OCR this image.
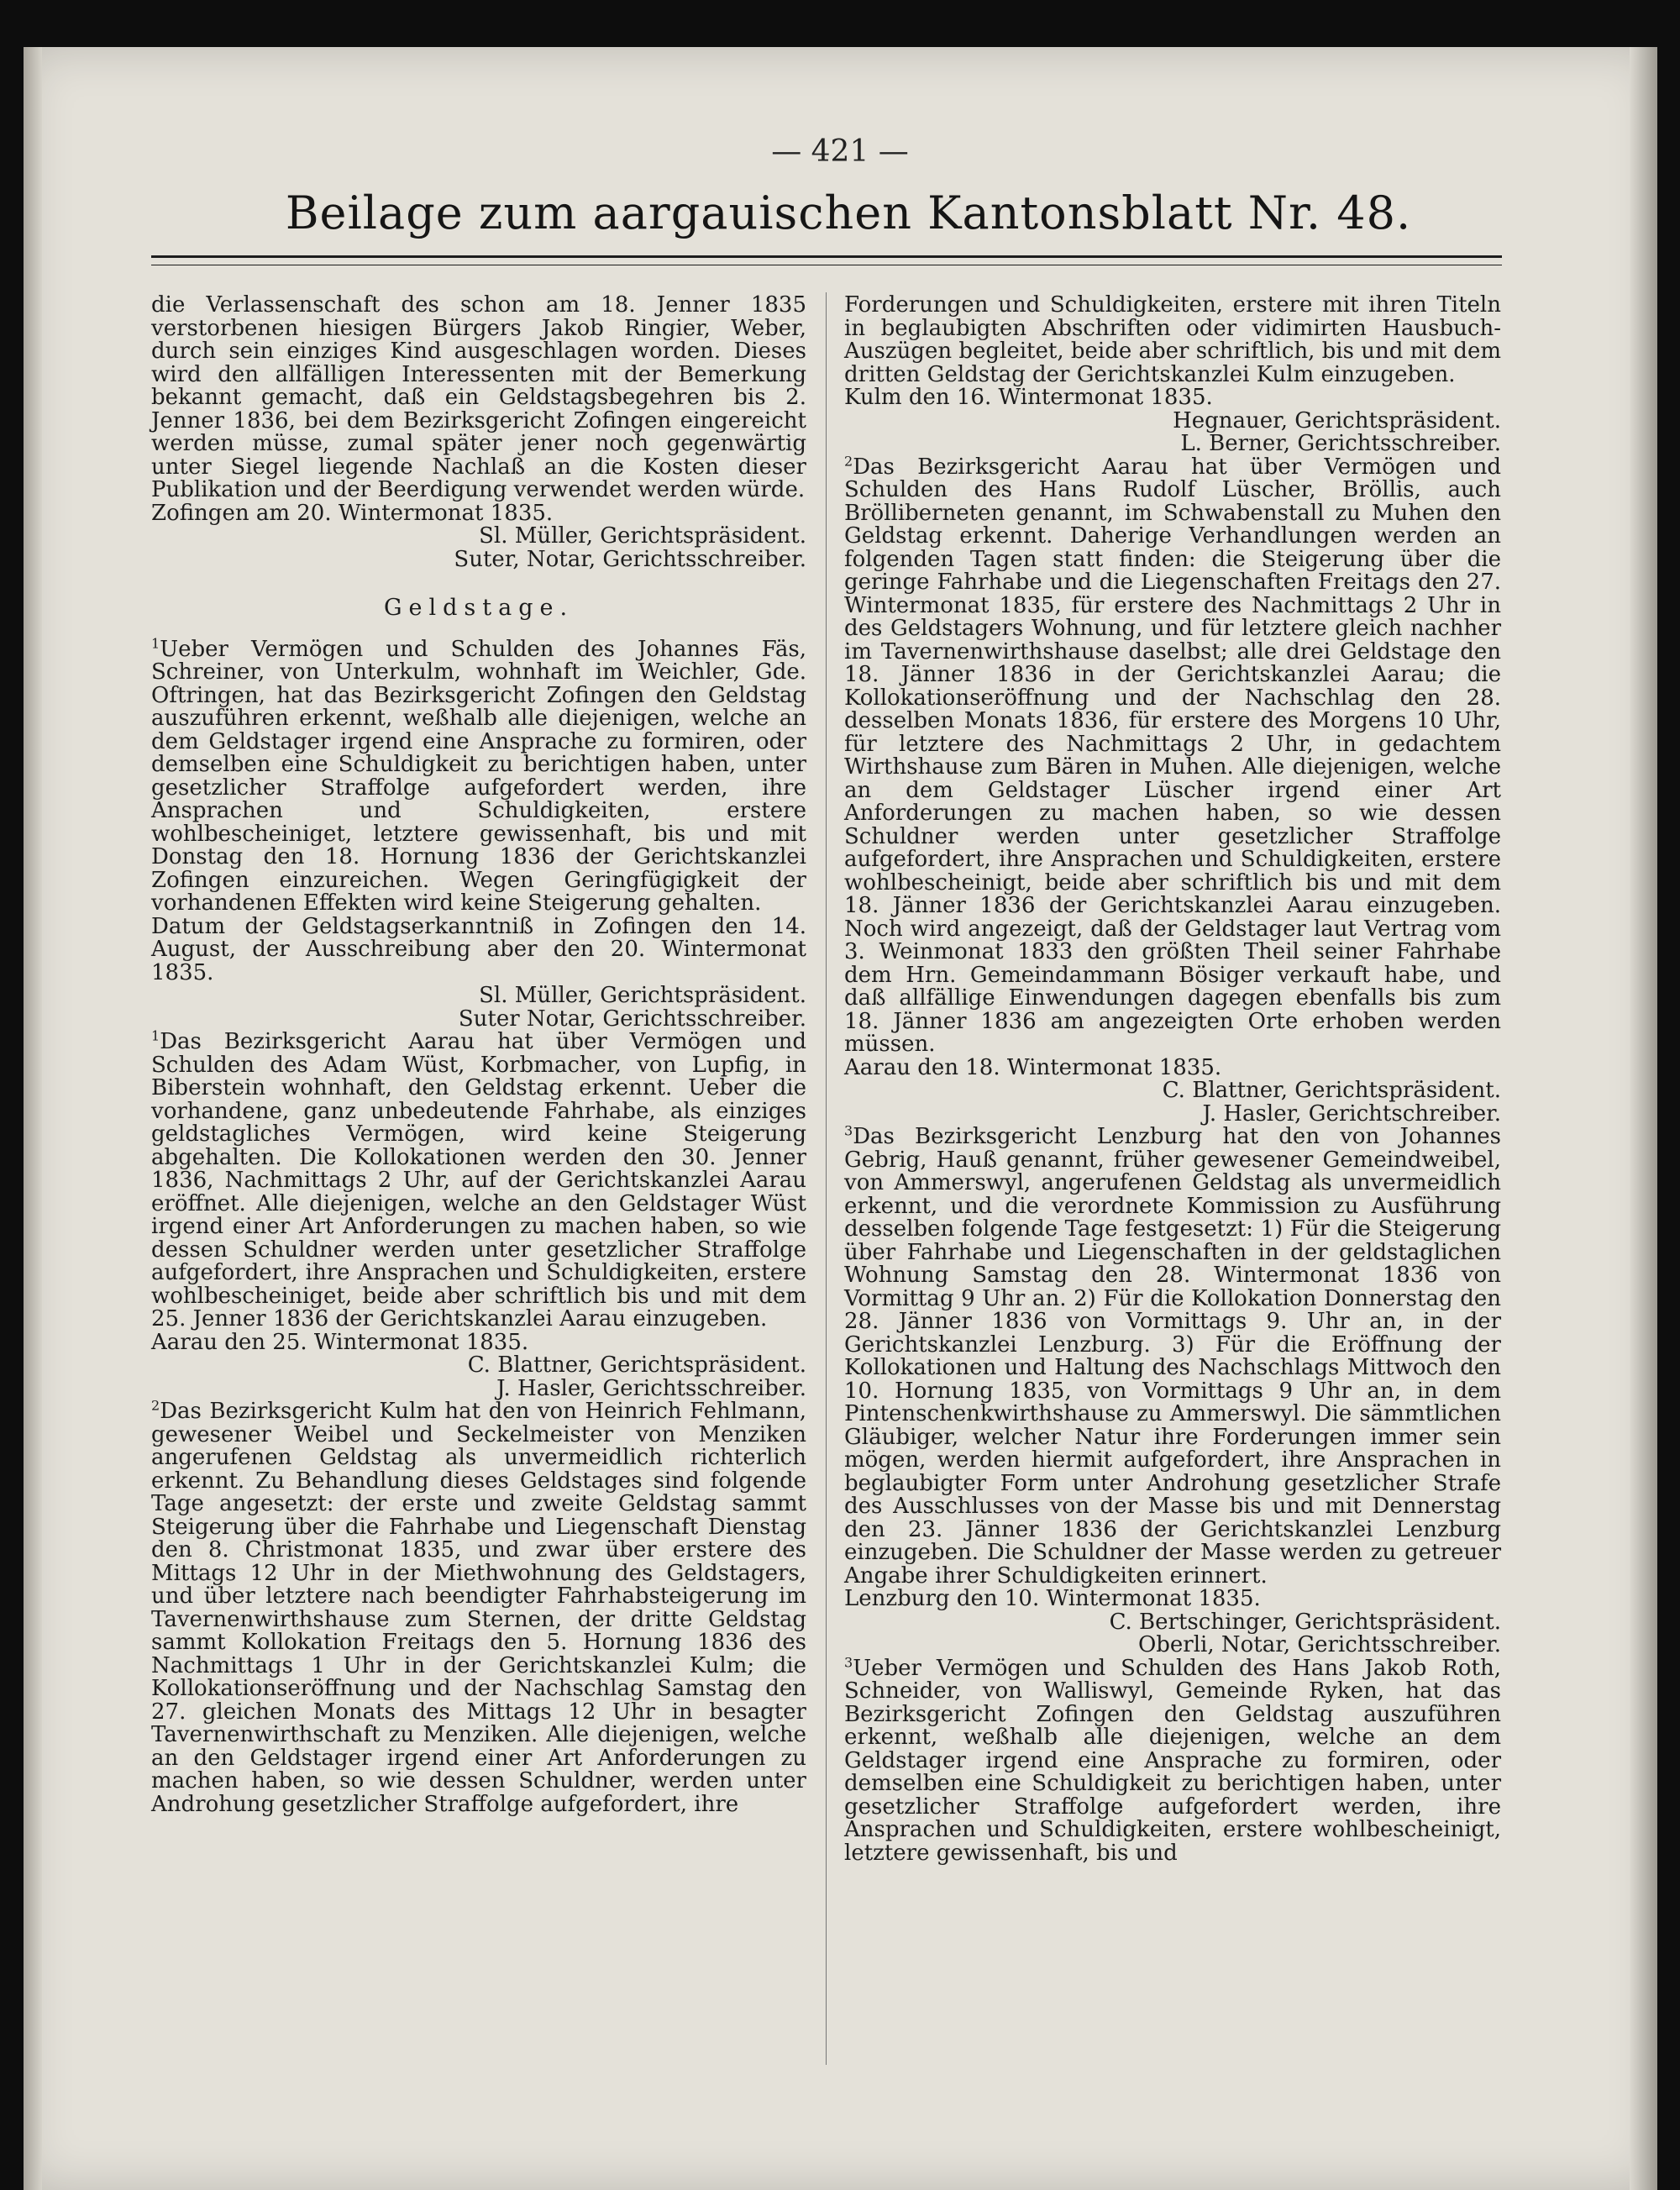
— 421 —
Beilage zum aargauischen Kantonsblatt Nr. 48.

die Verlassenschaft des schon am 18. Jenner 1835 verstorbenen hiesigen Bürgers Jakob Ringier, Weber, durch sein einziges Kind ausgeschlagen worden. Dieses wird den allfälligen Interessenten mit der Bemerkung bekannt gemacht, daß ein Geldstagsbegehren bis 2. Jenner 1836, bei dem Bezirksgericht Zofingen eingereicht werden müsse, zumal später jener noch gegenwärtig unter Siegel liegende Nachlaß an die Kosten dieser Publikation und der Beerdigung verwendet werden würde.

Zofingen am 20. Wintermonat 1835.

Sl. Müller, Gerichtspräsident.

Suter, Notar, Gerichtsschreiber.

Geldstage.

$^1$Ueber Vermögen und Schulden des Johannes Fäs, Schreiner, von Unterkulm, wohnhaft im Weichler, Gde. Oftringen, hat das Bezirksgericht Zofingen den Geldstag auszuführen erkennt, weßhalb alle diejenigen, welche an dem Geldstager irgend eine Ansprache zu formiren, oder demselben eine Schuldigkeit zu berichtigen haben, unter gesetzlicher Straffolge aufgefordert werden, ihre Ansprachen und Schuldigkeiten, erstere wohlbescheiniget, letztere gewissenhaft, bis und mit Donstag den 18. Hornung 1836 der Gerichtskanzlei Zofingen einzureichen. Wegen Geringfügigkeit der vorhandenen Effekten wird keine Steigerung gehalten.

Datum der Geldstagserkanntniß in Zofingen den 14. August, der Ausschreibung aber den 20. Wintermonat 1835.

Sl. Müller, Gerichtspräsident.

Suter Notar, Gerichtsschreiber.

$^1$Das Bezirksgericht Aarau hat über Vermögen und Schulden des Adam Wüst, Korbmacher, von Lupfig, in Biberstein wohnhaft, den Geldstag erkennt. Ueber die vorhandene, ganz unbedeutende Fahrhabe, als einziges geldstagliches Vermögen, wird keine Steigerung abgehalten. Die Kollokationen werden den 30. Jenner 1836, Nachmittags 2 Uhr, auf der Gerichtskanzlei Aarau eröffnet. Alle diejenigen, welche an den Geldstager Wüst irgend einer Art Anforderungen zu machen haben, so wie dessen Schuldner werden unter gesetzlicher Straffolge aufgefordert, ihre Ansprachen und Schuldigkeiten, erstere wohlbescheiniget, beide aber schriftlich bis und mit dem 25. Jenner 1836 der Gerichtskanzlei Aarau einzugeben.

Aarau den 25. Wintermonat 1835.

C. Blattner, Gerichtspräsident.

J. Hasler, Gerichtsschreiber.

$^2$Das Bezirksgericht Kulm hat den von Heinrich Fehlmann, gewesener Weibel und Seckelmeister von Menziken angerufenen Geldstag als unvermeidlich richterlich erkennt. Zu Behandlung dieses Geldstages sind folgende Tage angesetzt: der erste und zweite Geldstag sammt Steigerung über die Fahrhabe und Liegenschaft Dienstag den 8. Christmonat 1835, und zwar über erstere des Mittags 12 Uhr in der Miethwohnung des Geldstagers, und über letztere nach beendigter Fahrhabsteigerung im Tavernenwirthshause zum Sternen, der dritte Geldstag sammt Kollokation Freitags den 5. Hornung 1836 des Nachmittags 1 Uhr in der Gerichtskanzlei Kulm; die Kollokationseröffnung und der Nachschlag Samstag den 27. gleichen Monats des Mittags 12 Uhr in besagter Tavernenwirthschaft zu Menziken. Alle diejenigen, welche an den Geldstager irgend einer Art Anforderungen zu machen haben, so wie dessen Schuldner, werden unter Androhung gesetzlicher Straffolge aufgefordert, ihre

Forderungen und Schuldigkeiten, erstere mit ihren Titeln in beglaubigten Abschriften oder vidimirten Hausbuch-Auszügen begleitet, beide aber schriftlich, bis und mit dem dritten Geldstag der Gerichtskanzlei Kulm einzugeben.

Kulm den 16. Wintermonat 1835.

Hegnauer, Gerichtspräsident.

L. Berner, Gerichtsschreiber.

$^2$Das Bezirksgericht Aarau hat über Vermögen und Schulden des Hans Rudolf Lüscher, Bröllis, auch Brölliberneten genannt, im Schwabenstall zu Muhen den Geldstag erkennt. Daherige Verhandlungen werden an folgenden Tagen statt finden: die Steigerung über die geringe Fahrhabe und die Liegenschaften Freitags den 27. Wintermonat 1835, für erstere des Nachmittags 2 Uhr in des Geldstagers Wohnung, und für letztere gleich nachher im Tavernenwirthshause daselbst; alle drei Geldstage den 18. Jänner 1836 in der Gerichtskanzlei Aarau; die Kollokationseröffnung und der Nachschlag den 28. desselben Monats 1836, für erstere des Morgens 10 Uhr, für letztere des Nachmittags 2 Uhr, in gedachtem Wirthshause zum Bären in Muhen. Alle diejenigen, welche an dem Geldstager Lüscher irgend einer Art Anforderungen zu machen haben, so wie dessen Schuldner werden unter gesetzlicher Straffolge aufgefordert, ihre Ansprachen und Schuldigkeiten, erstere wohlbescheinigt, beide aber schriftlich bis und mit dem 18. Jänner 1836 der Gerichtskanzlei Aarau einzugeben. Noch wird angezeigt, daß der Geldstager laut Vertrag vom 3. Weinmonat 1833 den größten Theil seiner Fahrhabe dem Hrn. Gemeindammann Bösiger verkauft habe, und daß allfällige Einwendungen dagegen ebenfalls bis zum 18. Jänner 1836 am angezeigten Orte erhoben werden müssen.

Aarau den 18. Wintermonat 1835.

C. Blattner, Gerichtspräsident.

J. Hasler, Gerichtschreiber.

$^3$Das Bezirksgericht Lenzburg hat den von Johannes Gebrig, Hauß genannt, früher gewesener Gemeindweibel, von Ammerswyl, angerufenen Geldstag als unvermeidlich erkennt, und die verordnete Kommission zu Ausführung desselben folgende Tage festgesetzt: 1) Für die Steigerung über Fahrhabe und Liegenschaften in der geldstaglichen Wohnung Samstag den 28. Wintermonat 1836 von Vormittag 9 Uhr an. 2) Für die Kollokation Donnerstag den 28. Jänner 1836 von Vormittags 9. Uhr an, in der Gerichtskanzlei Lenzburg. 3) Für die Eröffnung der Kollokationen und Haltung des Nachschlags Mittwoch den 10. Hornung 1835, von Vormittags 9 Uhr an, in dem Pintenschenkwirthshause zu Ammerswyl. Die sämmtlichen Gläubiger, welcher Natur ihre Forderungen immer sein mögen, werden hiermit aufgefordert, ihre Ansprachen in beglaubigter Form unter Androhung gesetzlicher Strafe des Ausschlusses von der Masse bis und mit Dennerstag den 23. Jänner 1836 der Gerichtskanzlei Lenzburg einzugeben. Die Schuldner der Masse werden zu getreuer Angabe ihrer Schuldigkeiten erinnert.

Lenzburg den 10. Wintermonat 1835.

C. Bertschinger, Gerichtspräsident.

Oberli, Notar, Gerichtsschreiber.

$^3$Ueber Vermögen und Schulden des Hans Jakob Roth, Schneider, von Walliswyl, Gemeinde Ryken, hat das Bezirksgericht Zofingen den Geldstag auszuführen erkennt, weßhalb alle diejenigen, welche an dem Geldstager irgend eine Ansprache zu formiren, oder demselben eine Schuldigkeit zu berichtigen haben, unter gesetzlicher Straffolge aufgefordert werden, ihre Ansprachen und Schuldigkeiten, erstere wohlbescheinigt, letztere gewissenhaft, bis und
